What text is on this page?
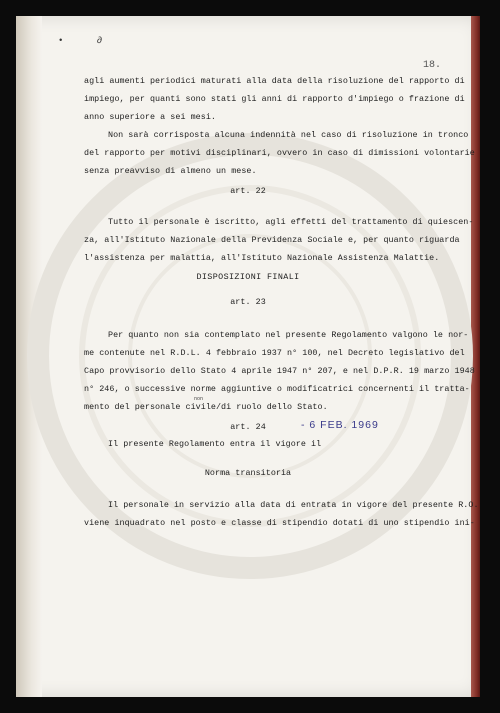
• ∂
18.
agli aumenti periodici maturati alla data della risoluzione del rapporto di
impiego, per quanti sono stati gli anni di rapporto d'impiego o frazione di
anno superiore a sei mesi.
Non sarà corrisposta alcuna indennità nel caso di risoluzione in tronco
del rapporto per motivi disciplinari, ovvero in caso di dimissioni volontarie
senza preavviso di almeno un mese.
art. 22
Tutto il personale è iscritto, agli effetti del trattamento di quiescen-
za, all'Istituto Nazionale della Previdenza Sociale e, per quanto riguarda
l'assistenza per malattia, all'Istituto Nazionale Assistenza Malattie.
DISPOSIZIONI FINALI
art. 23
Per quanto non sia contemplato nel presente Regolamento valgono le nor-
me contenute nel R.D.L. 4 febbraio 1937 n° 100, nel Decreto legislativo del
Capo provvisorio dello Stato 4 aprile 1947 n° 207, e nel D.P.R. 19 marzo 1948
n° 246, o successive norme aggiuntive o modificatrici concernenti il tratta-
non
mento del personale civile/di ruolo dello Stato.
art. 24
Il presente Regolamento entra il vigore il
- 6 FEB. 1969
Norma transitoria
Il personale in servizio alla data di entrata in vigore del presente R.O.
viene inquadrato nel posto e classe di stipendio dotati di uno stipendio ini-
